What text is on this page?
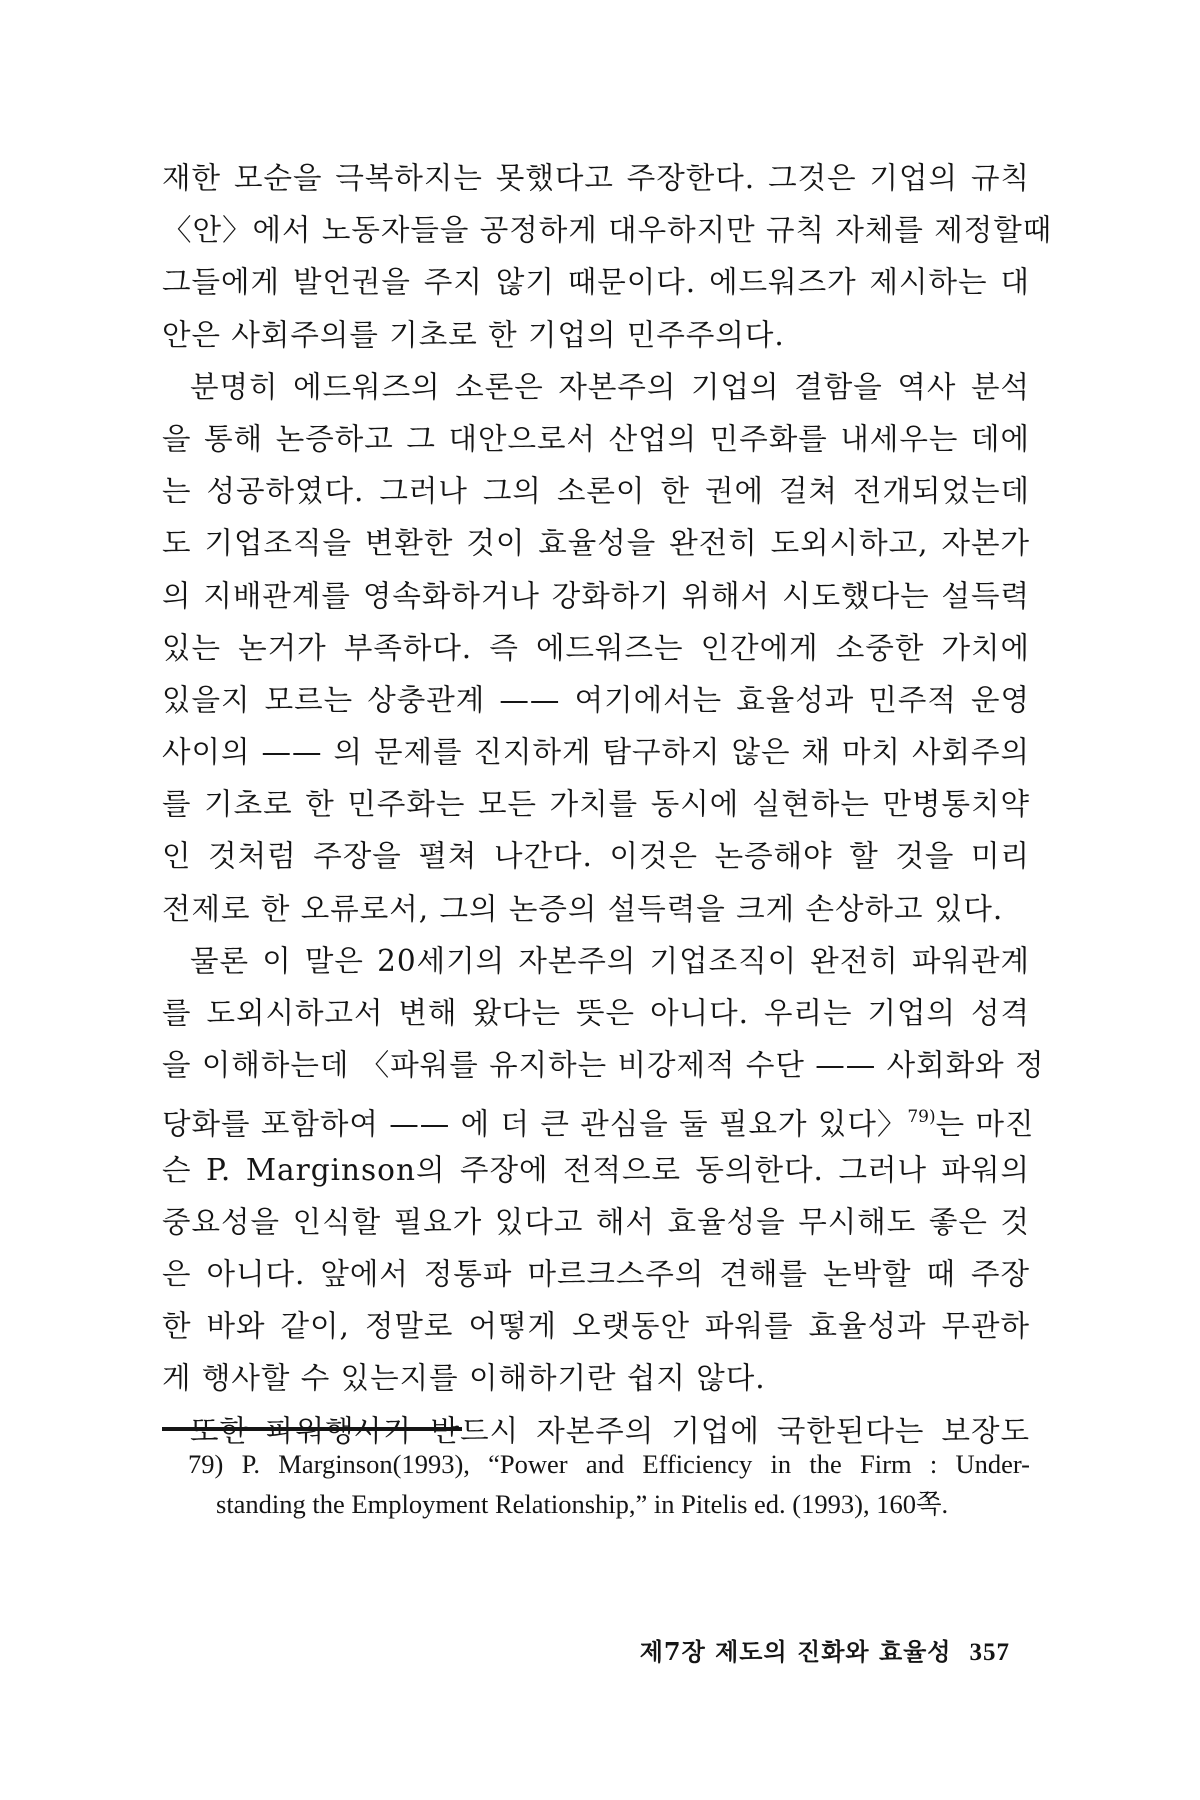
재한 모순을 극복하지는 못했다고 주장한다. 그것은 기업의 규칙
〈안〉에서 노동자들을 공정하게 대우하지만 규칙 자체를 제정할때
그들에게 발언권을 주지 않기 때문이다. 에드워즈가 제시하는 대
안은 사회주의를 기초로 한 기업의 민주주의다.
분명히 에드워즈의 소론은 자본주의 기업의 결함을 역사 분석
을 통해 논증하고 그 대안으로서 산업의 민주화를 내세우는 데에
는 성공하였다. 그러나 그의 소론이 한 권에 걸쳐 전개되었는데
도 기업조직을 변환한 것이 효율성을 완전히 도외시하고, 자본가
의 지배관계를 영속화하거나 강화하기 위해서 시도했다는 설득력
있는 논거가 부족하다. 즉 에드워즈는 인간에게 소중한 가치에
있을지 모르는 상충관계 —— 여기에서는 효율성과 민주적 운영
사이의 —— 의 문제를 진지하게 탐구하지 않은 채 마치 사회주의
를 기초로 한 민주화는 모든 가치를 동시에 실현하는 만병통치약
인 것처럼 주장을 펼쳐 나간다. 이것은 논증해야 할 것을 미리
전제로 한 오류로서, 그의 논증의 설득력을 크게 손상하고 있다.
물론 이 말은 20세기의 자본주의 기업조직이 완전히 파워관계
를 도외시하고서 변해 왔다는 뜻은 아니다. 우리는 기업의 성격
을 이해하는데 〈파워를 유지하는 비강제적 수단 —— 사회화와 정
당화를 포함하여 —— 에 더 큰 관심을 둘 필요가 있다〉$^{79)}$는 마진
슨 P. Marginson의 주장에 전적으로 동의한다. 그러나 파워의
중요성을 인식할 필요가 있다고 해서 효율성을 무시해도 좋은 것
은 아니다. 앞에서 정통파 마르크스주의 견해를 논박할 때 주장
한 바와 같이, 정말로 어떻게 오랫동안 파워를 효율성과 무관하
게 행사할 수 있는지를 이해하기란 쉽지 않다.
또한 파워행사가 반드시 자본주의 기업에 국한된다는 보장도
79) P. Marginson(1993), “Power and Efficiency in the Firm : Under-
standing the Employment Relationship,” in Pitelis ed. (1993), 160쪽.
제7장 제도의 진화와 효율성 357
